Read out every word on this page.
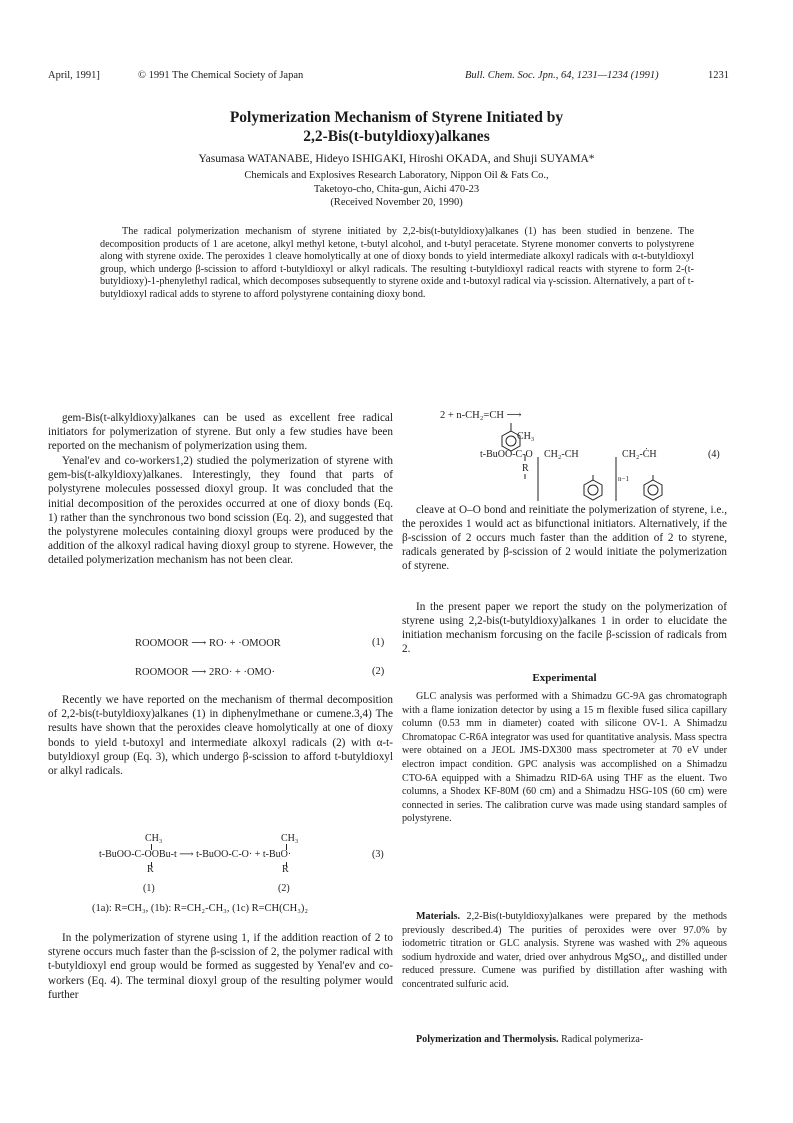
April, 1991]	© 1991 The Chemical Society of Japan	Bull. Chem. Soc. Jpn., 64, 1231—1234 (1991)	1231
Polymerization Mechanism of Styrene Initiated by
2,2-Bis(t-butyldioxy)alkanes
Yasumasa WATANABE, Hideyo ISHIGAKI, Hiroshi OKADA, and Shuji SUYAMA*
Chemicals and Explosives Research Laboratory, Nippon Oil & Fats Co.,
Taketoyo-cho, Chita-gun, Aichi 470-23
(Received November 20, 1990)

The radical polymerization mechanism of styrene initiated by 2,2-bis(t-butyldioxy)alkanes (1) has been studied in benzene. The decomposition products of 1 are acetone, alkyl methyl ketone, t-butyl alcohol, and t-butyl peracetate. Styrene monomer converts to polystyrene along with styrene oxide. The peroxides 1 cleave homolytically at one of dioxy bonds to yield intermediate alkoxyl radicals with α-t-butyldioxyl group, which undergo β-scission to afford t-butyldioxyl or alkyl radicals. The resulting t-butyldioxyl radical reacts with styrene to form 2-(t-butyldioxy)-1-phenylethyl radical, which decomposes subsequently to styrene oxide and t-butoxyl radical via γ-scission. Alternatively, a part of t-butyldioxyl radical adds to styrene to afford polystyrene containing dioxy bond.

gem-Bis(t-alkyldioxy)alkanes can be used as excellent free radical initiators for polymerization of styrene. But only a few studies have been reported on the mechanism of polymerization using them.

Yenal'ev and co-workers1,2) studied the polymerization of styrene with gem-bis(t-alkyldioxy)alkanes. Interestingly, they found that parts of polystyrene molecules possessed dioxyl group. It was concluded that the initial decomposition of the peroxides occurred at one of dioxy bonds (Eq. 1) rather than the synchronous two bond scission (Eq. 2), and suggested that the polystyrene molecules containing dioxyl groups were produced by the addition of the alkoxyl radical having dioxyl group to styrene. However, the detailed polymerization mechanism has not been clear.

ROOMOOR ⟶ RO· + ·OMOOR	(1)
ROOMOOR ⟶ 2RO· + ·OMO·	(2)

Recently we have reported on the mechanism of thermal decomposition of 2,2-bis(t-butyldioxy)alkanes (1) in diphenylmethane or cumene.3,4) The results have shown that the peroxides cleave homolytically at one of dioxy bonds to yield t-butoxyl and intermediate alkoxyl radicals (2) with α-t-butyldioxyl group (Eq. 3), which undergo β-scission to afford t-butyldioxyl or alkyl radicals.

CH₃	CH₃
t-BuOO-C-OOBu-t ⟶ t-BuOO-C-O· + t-BuO·
R	R
(1)	(2)
(3)
(1a): R=CH₃, (1b): R=CH₂-CH₃, (1c) R=CH(CH₃)₂

In the polymerization of styrene using 1, if the addition reaction of 2 to styrene occurs much faster than the β-scission of 2, the polymer radical with t-butyldioxyl end group would be formed as suggested by Yenal'ev and co-workers (Eq. 4). The terminal dioxyl group of the resulting polymer would further

2 + n-CH₂=CH ⟶
CH₃
t-BuOO-C-O CH₂-CH	CH₂-ĊH
R
n−1
(4)

cleave at O–O bond and reinitiate the polymerization of styrene, i.e., the peroxides 1 would act as bifunctional initiators. Alternatively, if the β-scission of 2 occurs much faster than the addition of 2 to styrene, radicals generated by β-scission of 2 would initiate the polymerization of styrene.

In the present paper we report the study on the polymerization of styrene using 2,2-bis(t-butyldioxy)alkanes 1 in order to elucidate the initiation mechanism forcusing on the facile β-scission of radicals from 2.

Experimental

GLC analysis was performed with a Shimadzu GC-9A gas chromatograph with a flame ionization detector by using a 15 m flexible fused silica capillary column (0.53 mm in diameter) coated with silicone OV-1. A Shimadzu Chromatopac C-R6A integrator was used for quantitative analysis. Mass spectra were obtained on a JEOL JMS-DX300 mass spectrometer at 70 eV under electron impact condition. GPC analysis was accomplished on a Shimadzu CTO-6A equipped with a Shimadzu RID-6A using THF as the eluent. Two columns, a Shodex KF-80M (60 cm) and a Shimadzu HSG-10S (60 cm) were connected in series. The calibration curve was made using standard samples of polystyrene.

Materials. 2,2-Bis(t-butyldioxy)alkanes were prepared by the methods previously described.4) The purities of peroxides were over 97.0% by iodometric titration or GLC analysis. Styrene was washed with 2% aqueous sodium hydroxide and water, dried over anhydrous MgSO₄, and distilled under reduced pressure. Cumene was purified by distillation after washing with concentrated sulfuric acid.

Polymerization and Thermolysis. Radical polymeriza-
